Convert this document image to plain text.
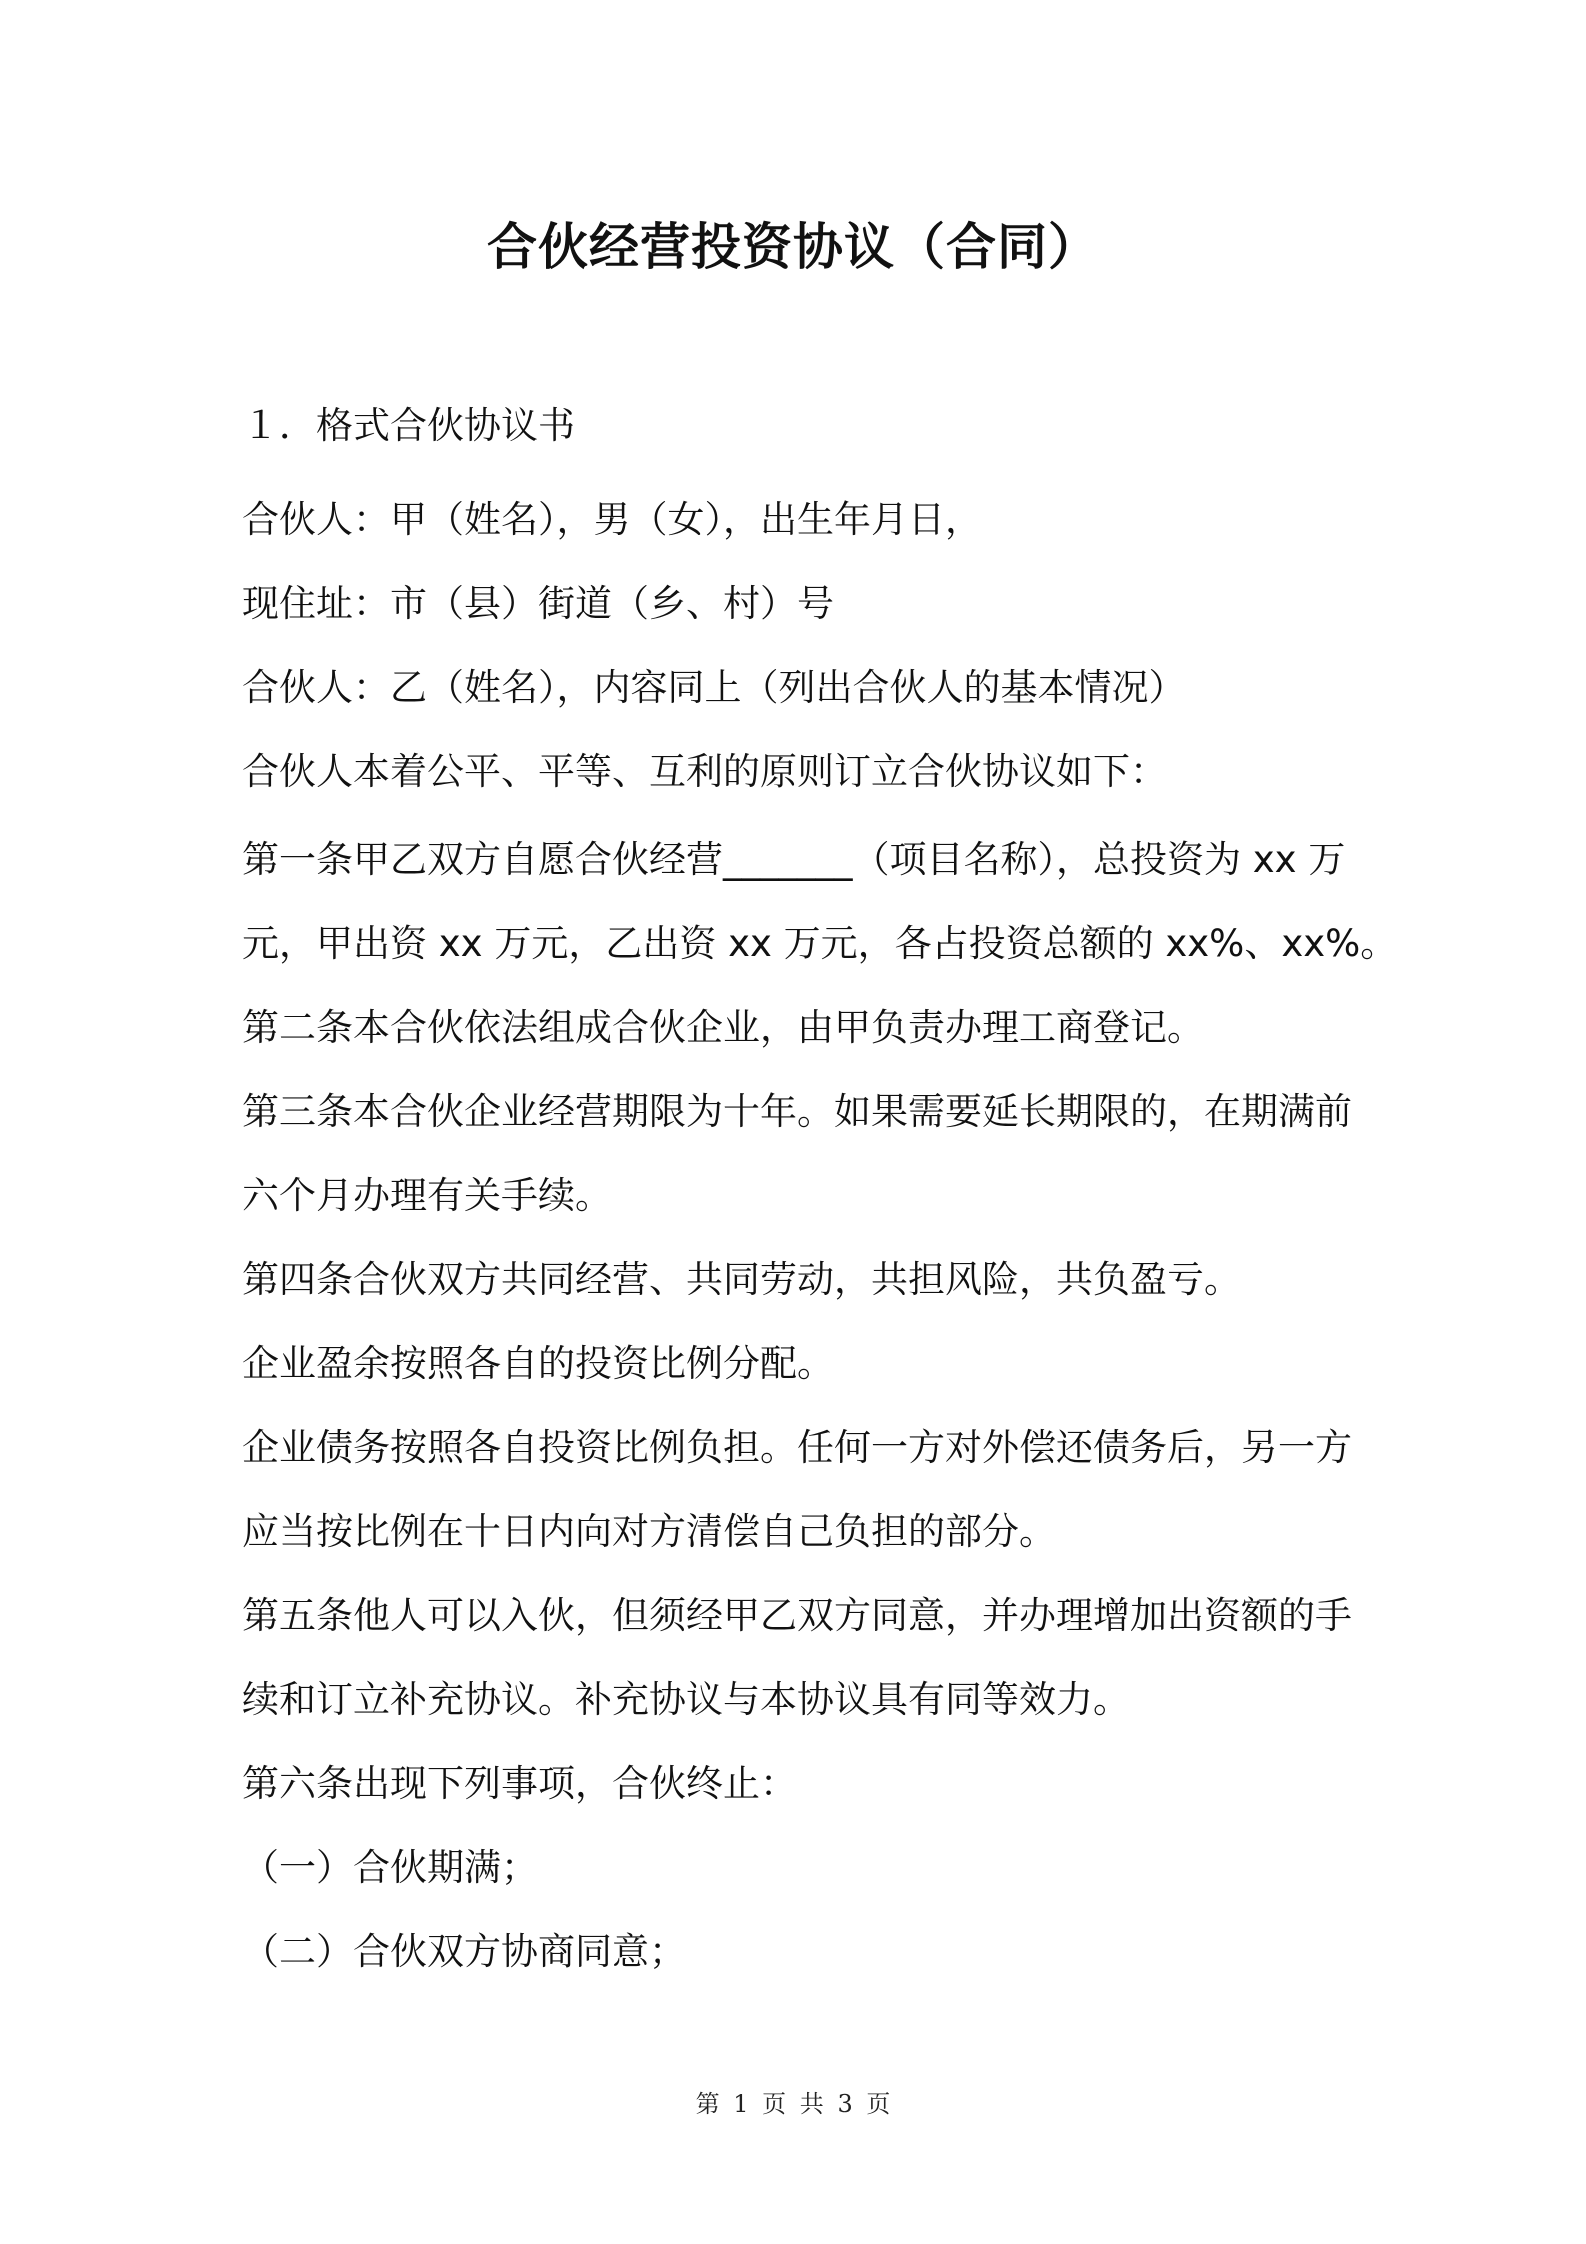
合伙经营投资协议（合同）

１．格式合伙协议书

合伙人：甲（姓名），男（女），出生年月日，

现住址：市（县）街道（乡、村）号

合伙人：乙（姓名），内容同上（列出合伙人的基本情况）

合伙人本着公平、平等、互利的原则订立合伙协议如下：

第一条甲乙双方自愿合伙经营_______（项目名称），总投资为 xx 万

元，甲出资 xx 万元，乙出资 xx 万元，各占投资总额的 xx%、xx%。

第二条本合伙依法组成合伙企业，由甲负责办理工商登记。

第三条本合伙企业经营期限为十年。如果需要延长期限的，在期满前

六个月办理有关手续。

第四条合伙双方共同经营、共同劳动，共担风险，共负盈亏。

企业盈余按照各自的投资比例分配。

企业债务按照各自投资比例负担。任何一方对外偿还债务后，另一方

应当按比例在十日内向对方清偿自己负担的部分。

第五条他人可以入伙，但须经甲乙双方同意，并办理增加出资额的手

续和订立补充协议。补充协议与本协议具有同等效力。

第六条出现下列事项，合伙终止：

（一）合伙期满；

（二）合伙双方协商同意；

第 1 页 共 3 页
